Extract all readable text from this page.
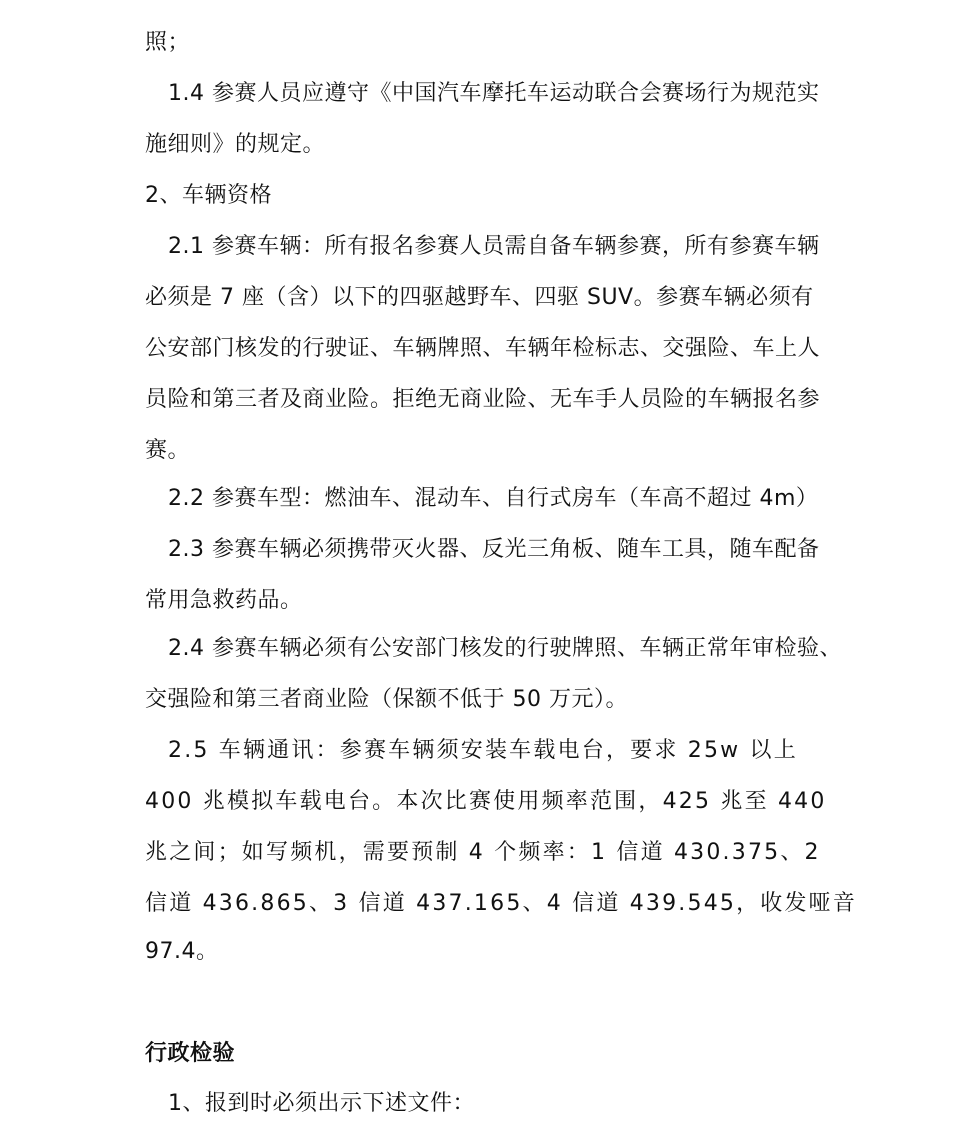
照；
1.4 参赛人员应遵守《中国汽车摩托车运动联合会赛场行为规范实
施细则》的规定。
2、车辆资格
2.1 参赛车辆：所有报名参赛人员需自备车辆参赛，所有参赛车辆
必须是 7 座（含）以下的四驱越野车、四驱 SUV。参赛车辆必须有
公安部门核发的行驶证、车辆牌照、车辆年检标志、交强险、车上人
员险和第三者及商业险。拒绝无商业险、无车手人员险的车辆报名参
赛。
2.2 参赛车型：燃油车、混动车、自行式房车（车高不超过 4m）
2.3 参赛车辆必须携带灭火器、反光三角板、随车工具，随车配备
常用急救药品。
2.4 参赛车辆必须有公安部门核发的行驶牌照、车辆正常年审检验、
交强险和第三者商业险（保额不低于 50 万元）。
2.5 车辆通讯：参赛车辆须安装车载电台，要求 25w 以上
400 兆模拟车载电台。本次比赛使用频率范围，425 兆至 440
兆之间；如写频机，需要预制 4 个频率：1 信道 430.375、2
信道 436.865、3 信道 437.165、4 信道 439.545，收发哑音
97.4。
行政检验
1、报到时必须出示下述文件：
